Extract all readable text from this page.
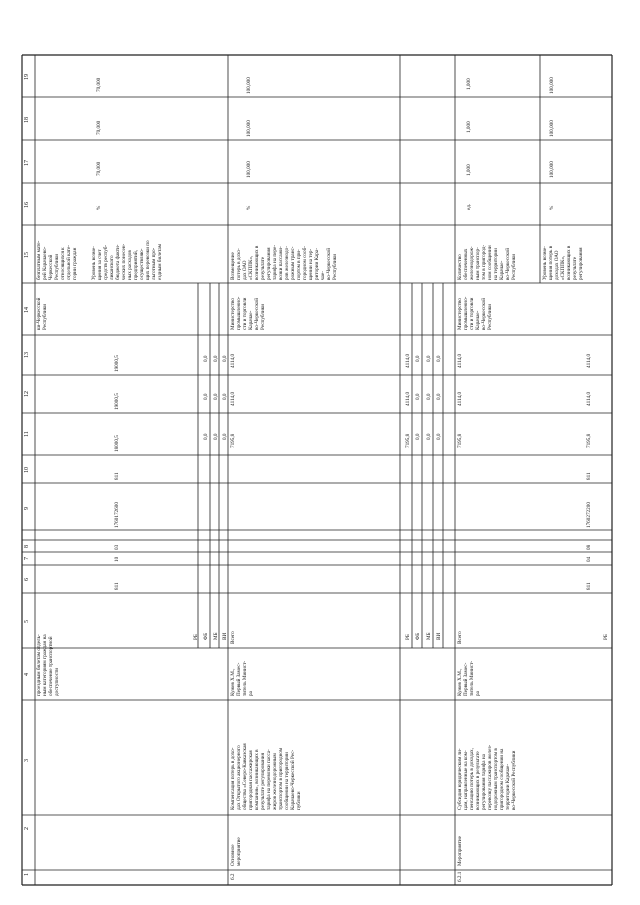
1
2
3
4
5
6
7
8
9
10
11
12
13
14
15
16
17
18
19
проездным билетам отдель- ным категориям граждан на обеспечение транспортной доступности
РБ
811
10
03
1760172600
811
18000,5
19000,5
19000,5
ФБ
0,0
0,0
0,0
МБ
0,0
0,0
0,0
ВИ
0,0
0,0
0,0
ки-Черкесской Республики
безплатным мате- рей Карачаево- Черкесской Республики относящихся к отдельной кате- гории граждан	Уровень возме- щения за счет средств респуб- ликанского бюджета факти- ческих понесен- ных расходов предприятий, осуществляю- щих перевозки по льготным про- ездным билетам
%
70,000
70,000
70,000
6.2
Основное мероприятие
Компенсация потерь в дохо- дах Открытого акционерного общества «Северо-Кавказская пригородная пассажирская компания», возникающих в результате регулирования тарифа на перевозки пасса- жиров железнодорожным транспортом в пригородном сообщении на территории Карачаево-Черкесской Рес- публики
Кужев Х.М., Первый Замес- титель Минист- ра
Всего
7195,8
4114,0
4114,0
Министерство промышленно- сти и торговли Карачае- во-Черкесской Республики
Возмещение потерь в дохо- дах ОАО «СКППК», возникающих в результате регулирования тарифа на пере- возки пассажи- ров железнодо- рожным транс- портом в при- городном сооб- щении на тер- ритории Кара- чае- во-Черкесской Республики
%
100,000
100,000
100,000
РБ
7195,8
4114,0
4114,0
ФБ
0,0
0,0
0,0
МБ
0,0
0,0
0,0
ВИ
0,0
0,0
0,0
6.2.1
Мероприятие
Субсидия юридическим ли- цам, направленные на ком- пенсацию потерь в доходах, возникающих в результате регулирования тарифа на перевозку пассажиров желез- нодорожным транспортом в пригородном сообщении на территории Карачае- во-Черкесской Республики
Кужев Х.М., Первый Замес- титель Минист- ра
Всего
7195,8
4114,0
4114,0
Министерство промышленно- сти и торговли Карачае- во-Черкесской Республики
Количество обеспеченных железнодорож- ным транспор- том в пригород- ном сообщении на территории Карачае- во-Черкесской Республики
ед.
1,000
1,000
1,000
Уровень возме- щения потерь в доходах ОАО «СКППК», возникающих в результате регулирования
%
100,000
100,000
100,000
РБ
811
04
08
1760272200
811
7195,8
4114,0
4114,0
